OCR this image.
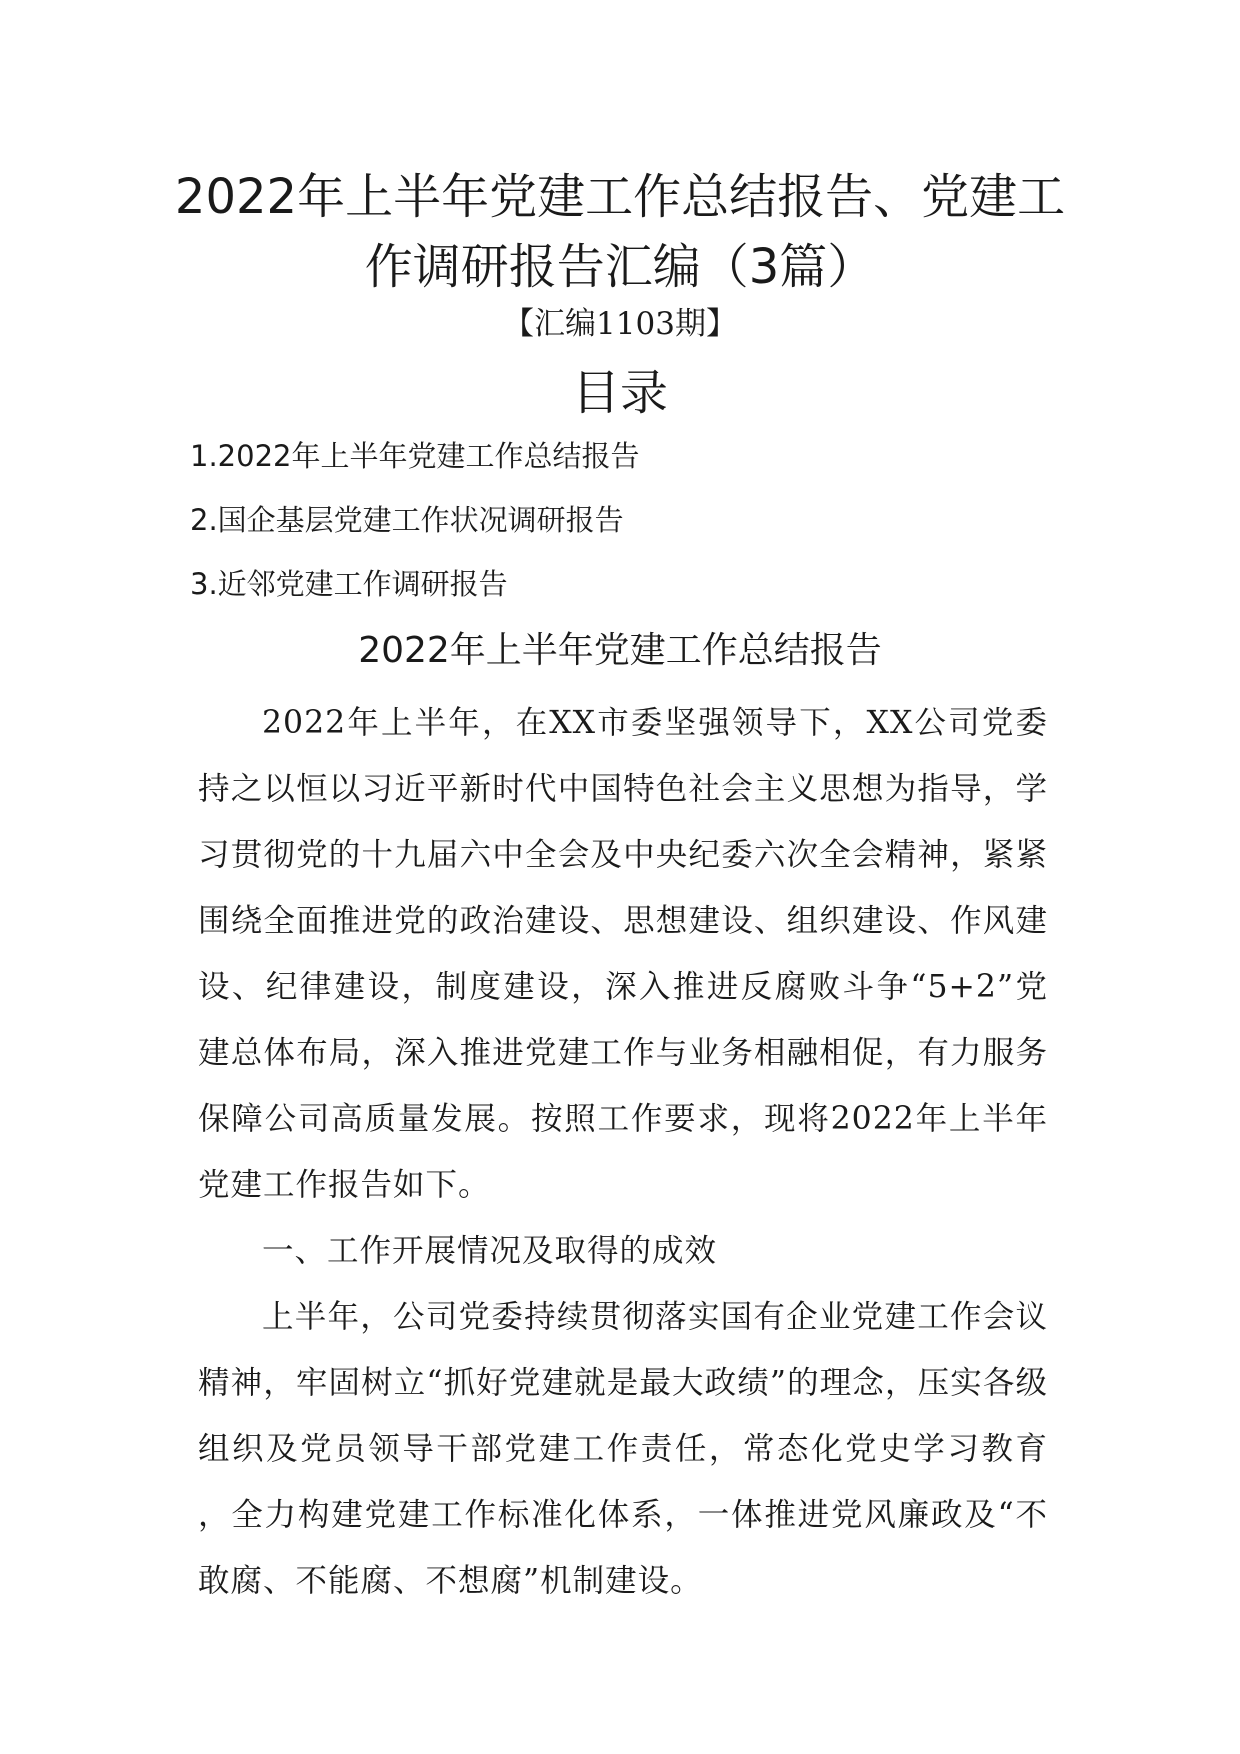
2022年上半年党建工作总结报告、党建工
作调研报告汇编（3篇）
【汇编1103期】
目录
1.2022年上半年党建工作总结报告
2.国企基层党建工作状况调研报告
3.近邻党建工作调研报告
2022年上半年党建工作总结报告

2022年上半年，在XX市委坚强领导下，XX公司党委持之以恒以习近平新时代中国特色社会主义思想为指导，学习贯彻党的十九届六中全会及中央纪委六次全会精神，紧紧围绕全面推进党的政治建设、思想建设、组织建设、作风建设、纪律建设，制度建设，深入推进反腐败斗争“5+2”党建总体布局，深入推进党建工作与业务相融相促，有力服务保障公司高质量发展。按照工作要求，现将2022年上半年党建工作报告如下。

一、工作开展情况及取得的成效

上半年，公司党委持续贯彻落实国有企业党建工作会议精神，牢固树立“抓好党建就是最大政绩”的理念，压实各级组织及党员领导干部党建工作责任，常态化党史学习教育 ，全力构建党建工作标准化体系，一体推进党风廉政及“不敢腐、不能腐、不想腐”机制建设。
